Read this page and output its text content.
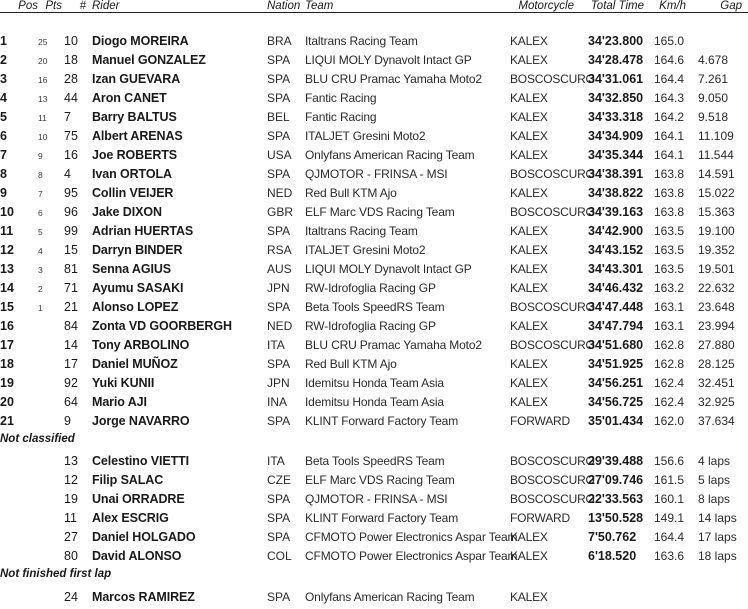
Pos	Pts	#	Rider	Nation	Team	Motorcycle	Total Time	Km/h	Gap

1	25	10	Diogo MOREIRA	BRA	Italtrans Racing Team	KALEX	34'23.800	165.0	
2	20	18	Manuel GONZALEZ	SPA	LIQUI MOLY Dynavolt Intact GP	KALEX	34'28.478	164.6	4.678
3	16	28	Izan GUEVARA	SPA	BLU CRU Pramac Yamaha Moto2	BOSCOSCURO	34'31.061	164.4	7.261
4	13	44	Aron CANET	SPA	Fantic Racing	KALEX	34'32.850	164.3	9.050
5	11	7	Barry BALTUS	BEL	Fantic Racing	KALEX	34'33.318	164.2	9.518
6	10	75	Albert ARENAS	SPA	ITALJET Gresini Moto2	KALEX	34'34.909	164.1	11.109
7	9	16	Joe ROBERTS	USA	Onlyfans American Racing Team	KALEX	34'35.344	164.1	11.544
8	8	4	Ivan ORTOLA	SPA	QJMOTOR - FRINSA - MSI	BOSCOSCURO	34'38.391	163.8	14.591
9	7	95	Collin VEIJER	NED	Red Bull KTM Ajo	KALEX	34'38.822	163.8	15.022
10	6	96	Jake DIXON	GBR	ELF Marc VDS Racing Team	BOSCOSCURO	34'39.163	163.8	15.363
11	5	99	Adrian HUERTAS	SPA	Italtrans Racing Team	KALEX	34'42.900	163.5	19.100
12	4	15	Darryn BINDER	RSA	ITALJET Gresini Moto2	KALEX	34'43.152	163.5	19.352
13	3	81	Senna AGIUS	AUS	LIQUI MOLY Dynavolt Intact GP	KALEX	34'43.301	163.5	19.501
14	2	71	Ayumu SASAKI	JPN	RW-Idrofoglia Racing GP	KALEX	34'46.432	163.2	22.632
15	1	21	Alonso LOPEZ	SPA	Beta Tools SpeedRS Team	BOSCOSCURO	34'47.448	163.1	23.648
16		84	Zonta VD GOORBERGH	NED	RW-Idrofoglia Racing GP	KALEX	34'47.794	163.1	23.994
17		14	Tony ARBOLINO	ITA	BLU CRU Pramac Yamaha Moto2	BOSCOSCURO	34'51.680	162.8	27.880
18		17	Daniel MUÑOZ	SPA	Red Bull KTM Ajo	KALEX	34'51.925	162.8	28.125
19		92	Yuki KUNII	JPN	Idemitsu Honda Team Asia	KALEX	34'56.251	162.4	32.451
20		64	Mario AJI	INA	Idemitsu Honda Team Asia	KALEX	34'56.725	162.4	32.925
21		9	Jorge NAVARRO	SPA	KLINT Forward Factory Team	FORWARD	35'01.434	162.0	37.634
Not classified									
		13	Celestino VIETTI	ITA	Beta Tools SpeedRS Team	BOSCOSCURO	29'39.488	156.6	4 laps
		12	Filip SALAC	CZE	ELF Marc VDS Racing Team	BOSCOSCURO	27'09.746	161.5	5 laps
		19	Unai ORRADRE	SPA	QJMOTOR - FRINSA - MSI	BOSCOSCURO	22'33.563	160.1	8 laps
		11	Alex ESCRIG	SPA	KLINT Forward Factory Team	FORWARD	13'50.528	149.1	14 laps
		27	Daniel HOLGADO	SPA	CFMOTO Power Electronics Aspar Team	KALEX	7'50.762	164.4	17 laps
		80	David ALONSO	COL	CFMOTO Power Electronics Aspar Team	KALEX	6'18.520	163.6	18 laps
Not finished first lap									
		24	Marcos RAMIREZ	SPA	Onlyfans American Racing Team	KALEX			
